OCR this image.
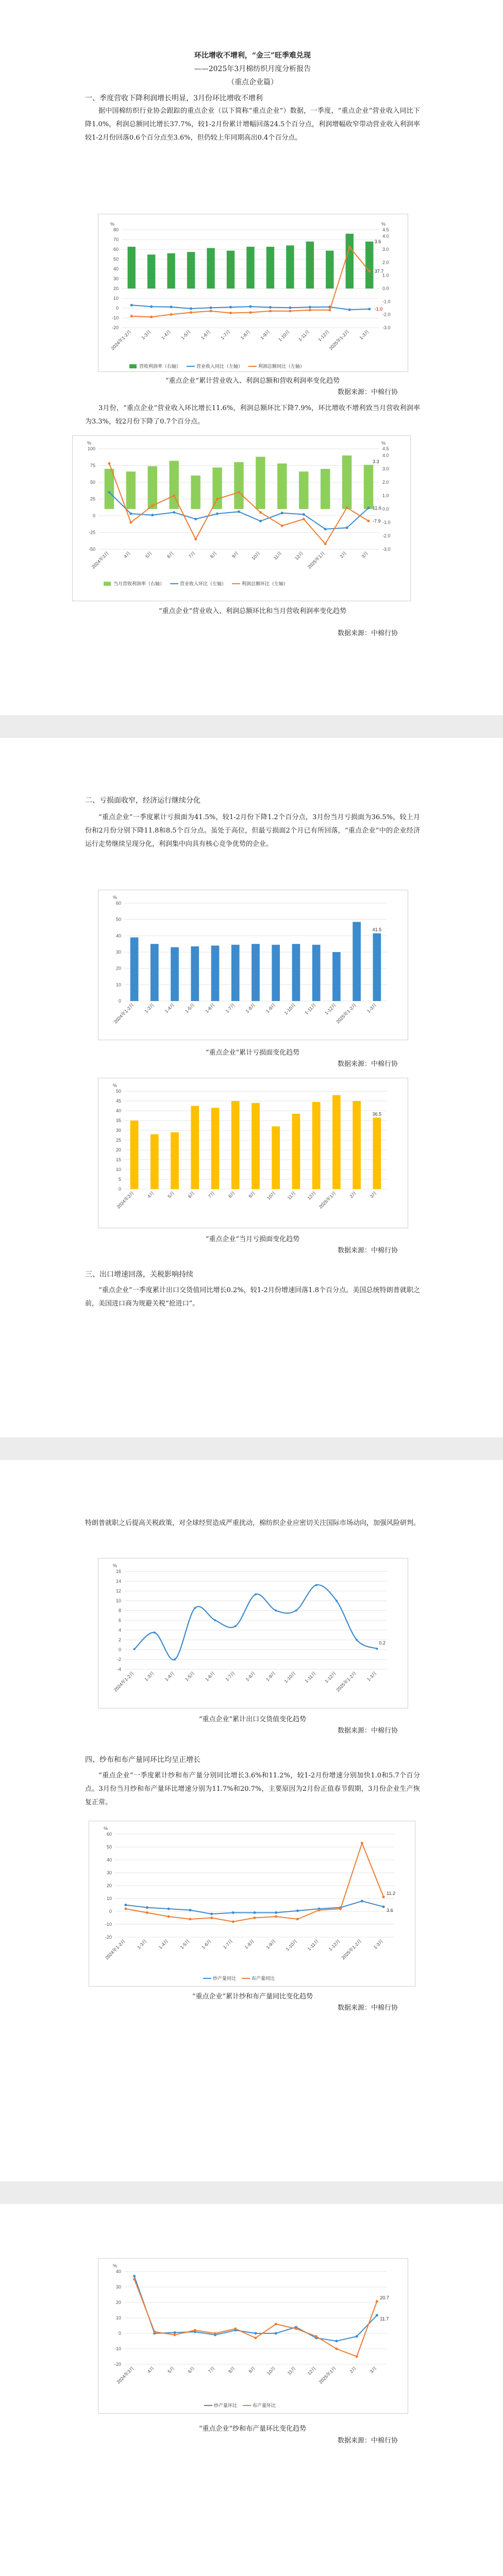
环比增收不增利，“金三”旺季难兑现
——2025年3月棉纺织月度分析报告
（重点企业篇）
一、季度营收下降利润增长明显，3月份环比增收不增利

据中国棉纺织行业协会跟踪的重点企业（以下简称“重点企业”）数据，一季度，“重点企业”营业收入同比下降1.0%，利润总额同比增长37.7%，较1-2月份累计增幅回落24.5个百分点，利润增幅收窄带动营业收入利润率较1-2月份回落0.6个百分点至3.6%，但仍较上年同期高出0.4个百分点。

-20
-10
0
10
20
30
40
50
60
70
80
%
-3.0
-2.0
-1.0
0.0
1.0
2.0
3.0
4.0
4.5
%
37.7
3.6
-1.0
2024年1-2月 1-3月 1-4月 1-5月 1-6月 1-7月 1-8月 1-9月 1-10月 1-11月 1-12月
2025年1-2月 1-3月
营收利润率（右轴）	营业收入同比（左轴）	利润总额同比（左轴）
“重点企业”累计营业收入、利润总额和营收利润率变化趋势
数据来源：中棉行协

3月份，“重点企业”营业收入环比增长11.6%，利润总额环比下降7.9%，环比增收不增利致当月营收利润率为3.3%，较2月份下降了0.7个百分点。

-50
-25
0
25
50
75
100
%
-3.0
-2.0
-1.0
0.0
1.0
2.0
3.0
4.0
4.5
%
3.3
11.6
-7.9
2024年3月	4月	5月	6月	7月	8月	9月 10月 11月 12月 2025年1月	2月	3月
当月营收利润率（右轴）	营业收入环比（左轴）	利润总额环比（左轴）
“重点企业”营业收入、利润总额环比和当月营收利润率变化趋势
数据来源：中棉行协
二、亏损面收窄，经济运行继续分化

“重点企业”一季度累计亏损面为41.5%，较1-2月份下降1.2个百分点，3月份当月亏损面为36.5%，较上月份和2月份分别下降11.8和8.5个百分点。虽处于高位，但最亏损面2个月已有所回落，“重点企业”中的企业经济运行走势继续呈现分化，利润集中向具有核心竞争优势的企业。

0
10
20
30
40
50
60
%
41.5
2024年1-2月 1-3月 1-4月 1-5月 1-6月 1-7月 1-8月 1-9月 1-10月 1-11月 1-12月
2025年1-2月 1-3月
“重点企业”累计亏损面变化趋势
数据来源：中棉行协
0
5
10
15
20
25
30
35
40
45
50
%
36.5
2024年3月 4月 5月 6月 7月 8月 9月 10月 11月 12月 2025年1月 2月 3月
“重点企业”当月亏损面变化趋势
数据来源：中棉行协
三、出口增速回落，关税影响持续

“重点企业”一季度累计出口交货值同比增长0.2%，较1-2月份增速回落1.8个百分点。美国总统特朗普就职之前，美国进口商为规避关税“抢进口”。

特朗普就职之后提高关税政策，对全球经贸造成严重扰动，棉纺织企业应密切关注国际市场动向，加强风险研判。

-4
-2
0
2
4
6
8
10
12
14
16
%
0.2
2024年1-2月 1-3月 1-4月 1-5月 1-6月 1-7月 1-8月 1-9月 1-10月 1-11月 1-12月
2025年1-2月 1-3月
“重点企业”累计出口交货值变化趋势
数据来源：中棉行协
四、纱布和布产量同环比均呈正增长

“重点企业”一季度累计纱和布产量分别同比增长3.6%和11.2%，较1-2月份增速分别加快1.0和5.7个百分点。3月份当月纱和布产量环比增速分别为11.7%和20.7%，主要原因为2月份正值春节假期，3月份企业生产恢复正常。

-20
-10
0
10
20
30
40
50
60
%
11.2
3.6
2024年1-2月 1-3月 1-4月 1-5月 1-6月 1-7月 1-8月 1-9月 1-10月 1-11月 1-12月
2025年1-2月 1-3月
纱产量同比	布产量同比
“重点企业”累计纱和布产量同比变化趋势
数据来源：中棉行协
-20
-10
0
10
20
30
40
%
20.7
11.7
2024年3月 4月 5月 6月 7月 8月 9月 10月 11月 12月 2025年1月 2月 3月
纱产量环比	布产量环比
“重点企业”纱和布产量环比变化趋势
数据来源：中棉行协
